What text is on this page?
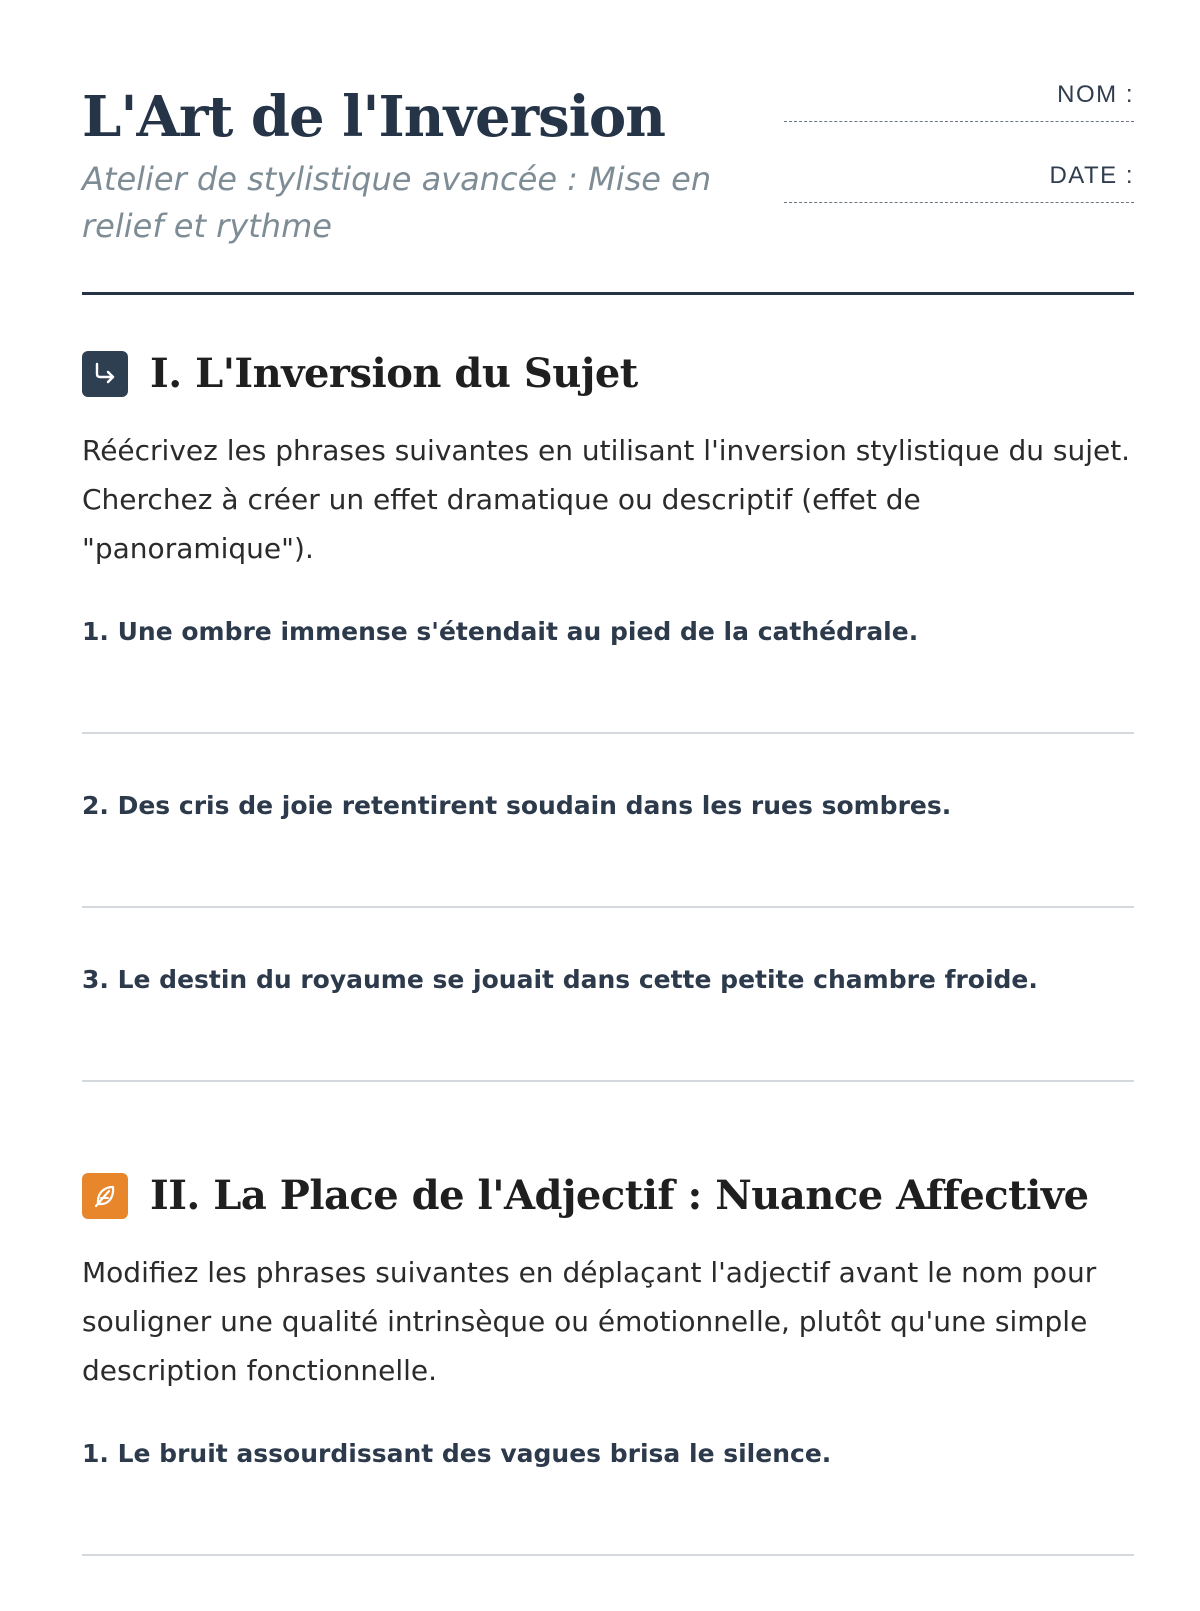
L'Art de l'Inversion

Atelier de stylistique avancée : Mise en relief et rythme

NOM :
DATE :
I. L'Inversion du Sujet

Réécrivez les phrases suivantes en utilisant l'inversion stylistique du sujet. Cherchez à créer un effet dramatique ou descriptif (effet de "panoramique").

1. Une ombre immense s'étendait au pied de la cathédrale.

2. Des cris de joie retentirent soudain dans les rues sombres.

3. Le destin du royaume se jouait dans cette petite chambre froide.

II. La Place de l'Adjectif : Nuance Affective

Modifiez les phrases suivantes en déplaçant l'adjectif avant le nom pour souligner une qualité intrinsèque ou émotionnelle, plutôt qu'une simple description fonctionnelle.

1. Le bruit assourdissant des vagues brisa le silence.
